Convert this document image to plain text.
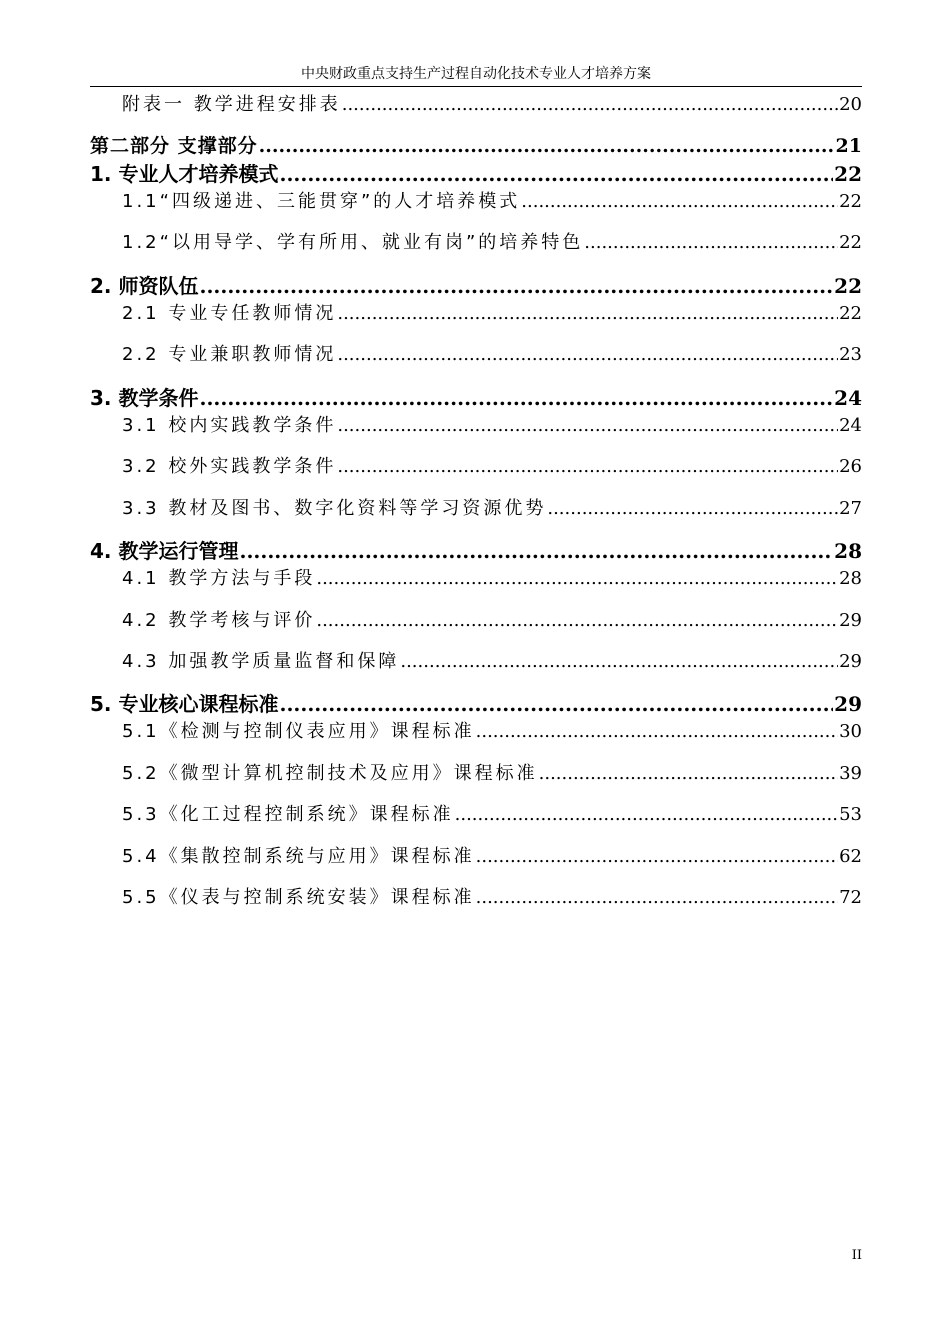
中央财政重点支持生产过程自动化技术专业人才培养方案
附表一 教学进程安排表 .....	20
第二部分 支撑部分 .....	21
1. 专业人才培养模式 .....	22
1.1“四级递进、三能贯穿”的人才培养模式 .....	22
1.2“以用导学、学有所用、就业有岗”的培养特色 .....	22
2. 师资队伍 .....	22
2.1 专业专任教师情况 .....	22
2.2 专业兼职教师情况 .....	23
3. 教学条件 .....	24
3.1 校内实践教学条件 .....	24
3.2 校外实践教学条件 .....	26
3.3 教材及图书、数字化资料等学习资源优势 .....	27
4. 教学运行管理 .....	28
4.1 教学方法与手段 .....	28
4.2 教学考核与评价 .....	29
4.3 加强教学质量监督和保障 .....	29
5. 专业核心课程标准 .....	29
5.1《检测与控制仪表应用》课程标准 .....	30
5.2《微型计算机控制技术及应用》课程标准 .....	39
5.3《化工过程控制系统》课程标准 .....	53
5.4《集散控制系统与应用》课程标准 .....	62
5.5《仪表与控制系统安装》课程标准 .....	72
II
